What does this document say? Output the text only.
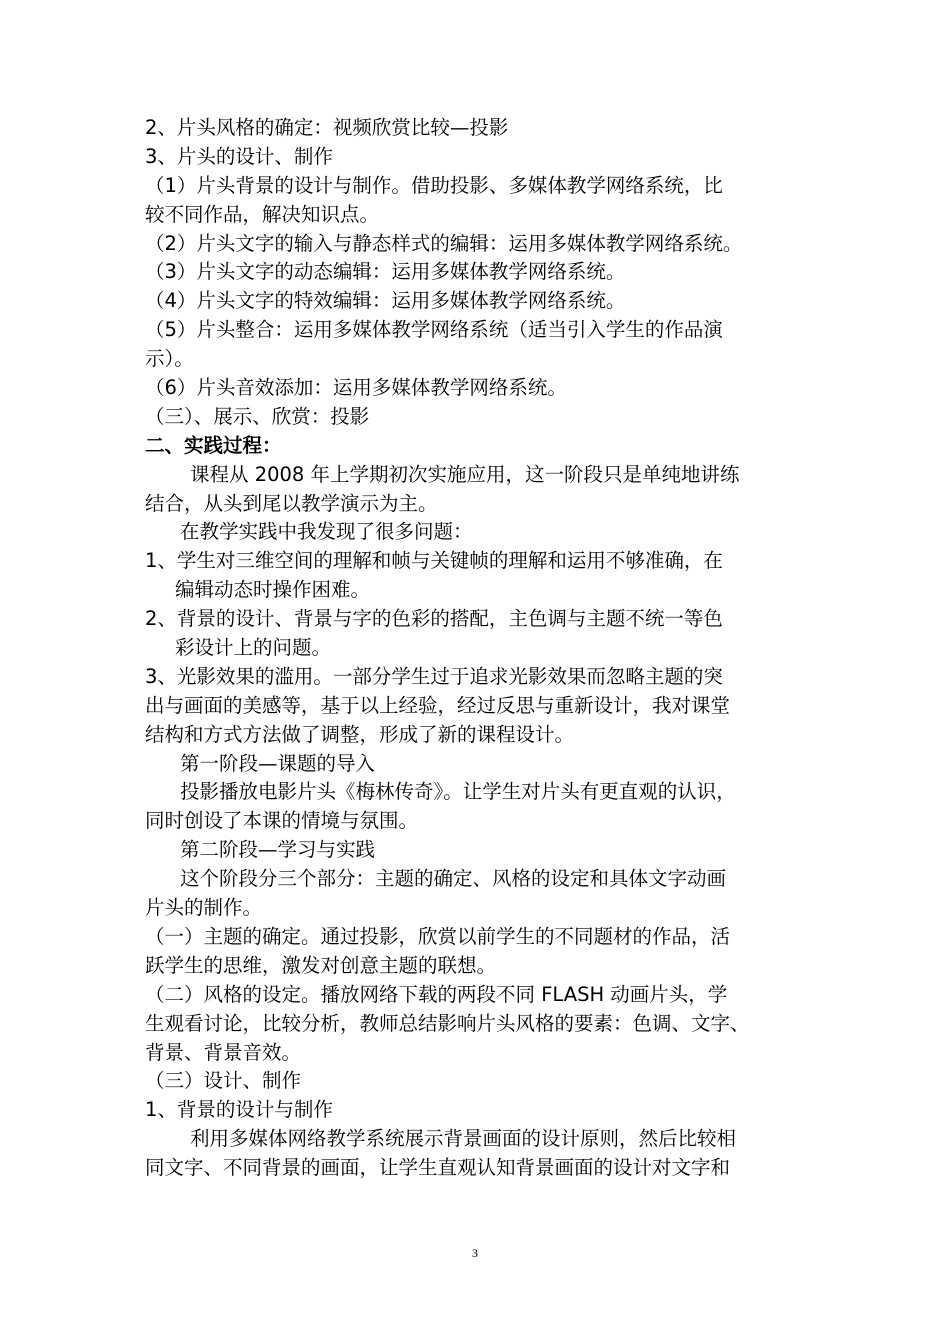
2、片头风格的确定：视频欣赏比较—投影
3、片头的设计、制作
（1）片头背景的设计与制作。借助投影、多媒体教学网络系统，比
较不同作品，解决知识点。
（2）片头文字的输入与静态样式的编辑：运用多媒体教学网络系统。
（3）片头文字的动态编辑：运用多媒体教学网络系统。
（4）片头文字的特效编辑：运用多媒体教学网络系统。
（5）片头整合：运用多媒体教学网络系统（适当引入学生的作品演
示）。
（6）片头音效添加：运用多媒体教学网络系统。
（三）、展示、欣赏：投影
二、实践过程：
课程从 2008 年上学期初次实施应用，这一阶段只是单纯地讲练
结合，从头到尾以教学演示为主。
在教学实践中我发现了很多问题：
1、学生对三维空间的理解和帧与关键帧的理解和运用不够准确，在
编辑动态时操作困难。
2、背景的设计、背景与字的色彩的搭配，主色调与主题不统一等色
彩设计上的问题。
3、光影效果的滥用。一部分学生过于追求光影效果而忽略主题的突
出与画面的美感等，基于以上经验，经过反思与重新设计，我对课堂
结构和方式方法做了调整，形成了新的课程设计。
第一阶段—课题的导入
投影播放电影片头《梅林传奇》。让学生对片头有更直观的认识，
同时创设了本课的情境与氛围。
第二阶段—学习与实践
这个阶段分三个部分：主题的确定、风格的设定和具体文字动画
片头的制作。
（一）主题的确定。通过投影，欣赏以前学生的不同题材的作品，活
跃学生的思维，激发对创意主题的联想。
（二）风格的设定。播放网络下载的两段不同 FLASH 动画片头，学
生观看讨论，比较分析，教师总结影响片头风格的要素：色调、文字、
背景、背景音效。
（三）设计、制作
1、背景的设计与制作
利用多媒体网络教学系统展示背景画面的设计原则，然后比较相
同文字、不同背景的画面，让学生直观认知背景画面的设计对文字和
3
